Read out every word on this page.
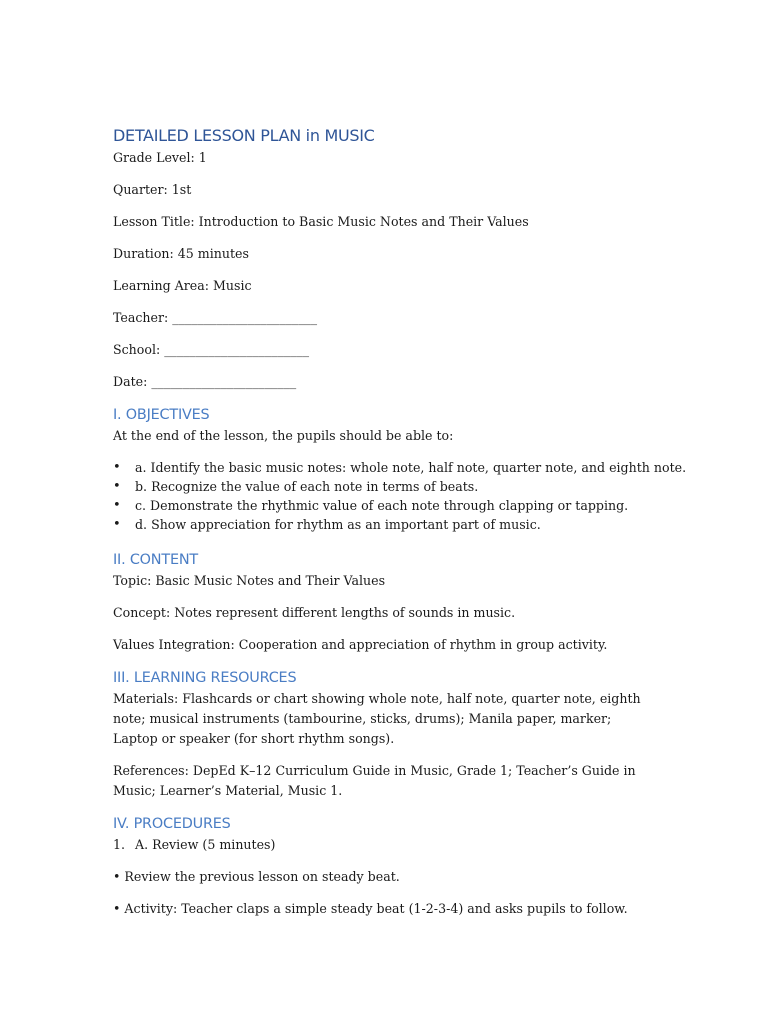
DETAILED LESSON PLAN in MUSIC

Grade Level: 1

Quarter: 1st

Lesson Title: Introduction to Basic Music Notes and Their Values

Duration: 45 minutes

Learning Area: Music

Teacher: _______________________

School: _______________________

Date: _______________________

I. OBJECTIVES

At the end of the lesson, the pupils should be able to:

• a. Identify the basic music notes: whole note, half note, quarter note, and eighth note.
• b. Recognize the value of each note in terms of beats.
• c. Demonstrate the rhythmic value of each note through clapping or tapping.
• d. Show appreciation for rhythm as an important part of music.
II. CONTENT

Topic: Basic Music Notes and Their Values

Concept: Notes represent different lengths of sounds in music.

Values Integration: Cooperation and appreciation of rhythm in group activity.

III. LEARNING RESOURCES

Materials: Flashcards or chart showing whole note, half note, quarter note, eighth note; musical instruments (tambourine, sticks, drums); Manila paper, marker; Laptop or speaker (for short rhythm songs).

References: DepEd K–12 Curriculum Guide in Music, Grade 1; Teacher’s Guide in Music; Learner’s Material, Music 1.

IV. PROCEDURES

1. A. Review (5 minutes)

• Review the previous lesson on steady beat.

• Activity: Teacher claps a simple steady beat (1-2-3-4) and asks pupils to follow.
